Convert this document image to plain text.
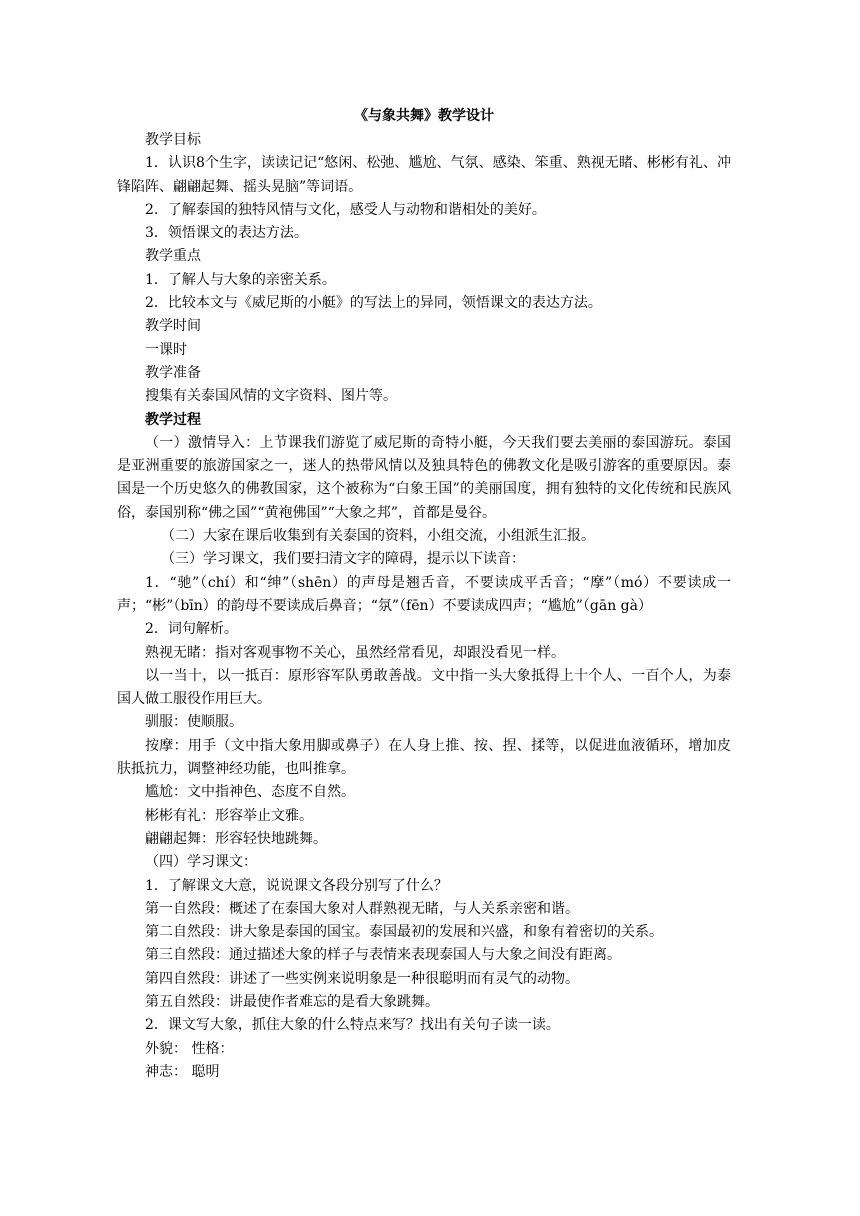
《与象共舞》教学设计

教学目标

1．认识8个生字，读读记记“悠闲、松弛、尴尬、气氛、感染、笨重、熟视无睹、彬彬有礼、冲锋陷阵、翩翩起舞、摇头晃脑”等词语。

2．了解泰国的独特风情与文化，感受人与动物和谐相处的美好。

3．领悟课文的表达方法。

教学重点

1．了解人与大象的亲密关系。

2．比较本文与《威尼斯的小艇》的写法上的异同，领悟课文的表达方法。

教学时间

一课时

教学准备

搜集有关泰国风情的文字资料、图片等。

教学过程

（一）激情导入：上节课我们游览了威尼斯的奇特小艇，今天我们要去美丽的泰国游玩。泰国是亚洲重要的旅游国家之一，迷人的热带风情以及独具特色的佛教文化是吸引游客的重要原因。泰国是一个历史悠久的佛教国家，这个被称为“白象王国”的美丽国度，拥有独特的文化传统和民族风俗，泰国别称“佛之国”“黄袍佛国”“大象之邦”，首都是曼谷。

（二）大家在课后收集到有关泰国的资料，小组交流，小组派生汇报。

（三）学习课文，我们要扫清文字的障碍，提示以下读音：

1．“驰”（chí）和“绅”（shēn）的声母是翘舌音，不要读成平舌音；“摩”（mó）不要读成一声；“彬”（bīn）的韵母不要读成后鼻音；“氛”（fēn）不要读成四声；“尴尬”（gān gà）

2．词句解析。

熟视无睹：指对客观事物不关心，虽然经常看见，却跟没看见一样。

以一当十，以一抵百：原形容军队勇敢善战。文中指一头大象抵得上十个人、一百个人，为泰国人做工服役作用巨大。

驯服：使顺服。

按摩：用手（文中指大象用脚或鼻子）在人身上推、按、捏、揉等，以促进血液循环，增加皮肤抵抗力，调整神经功能，也叫推拿。

尴尬：文中指神色、态度不自然。

彬彬有礼：形容举止文雅。

翩翩起舞：形容轻快地跳舞。

（四）学习课文：

1．了解课文大意，说说课文各段分别写了什么？

第一自然段：概述了在泰国大象对人群熟视无睹，与人关系亲密和谐。

第二自然段：讲大象是泰国的国宝。泰国最初的发展和兴盛，和象有着密切的关系。

第三自然段：通过描述大象的样子与表情来表现泰国人与大象之间没有距离。

第四自然段：讲述了一些实例来说明象是一种很聪明而有灵气的动物。

第五自然段：讲最使作者难忘的是看大象跳舞。

2．课文写大象，抓住大象的什么特点来写？找出有关句子读一读。

外貌： 性格：

神志： 聪明
